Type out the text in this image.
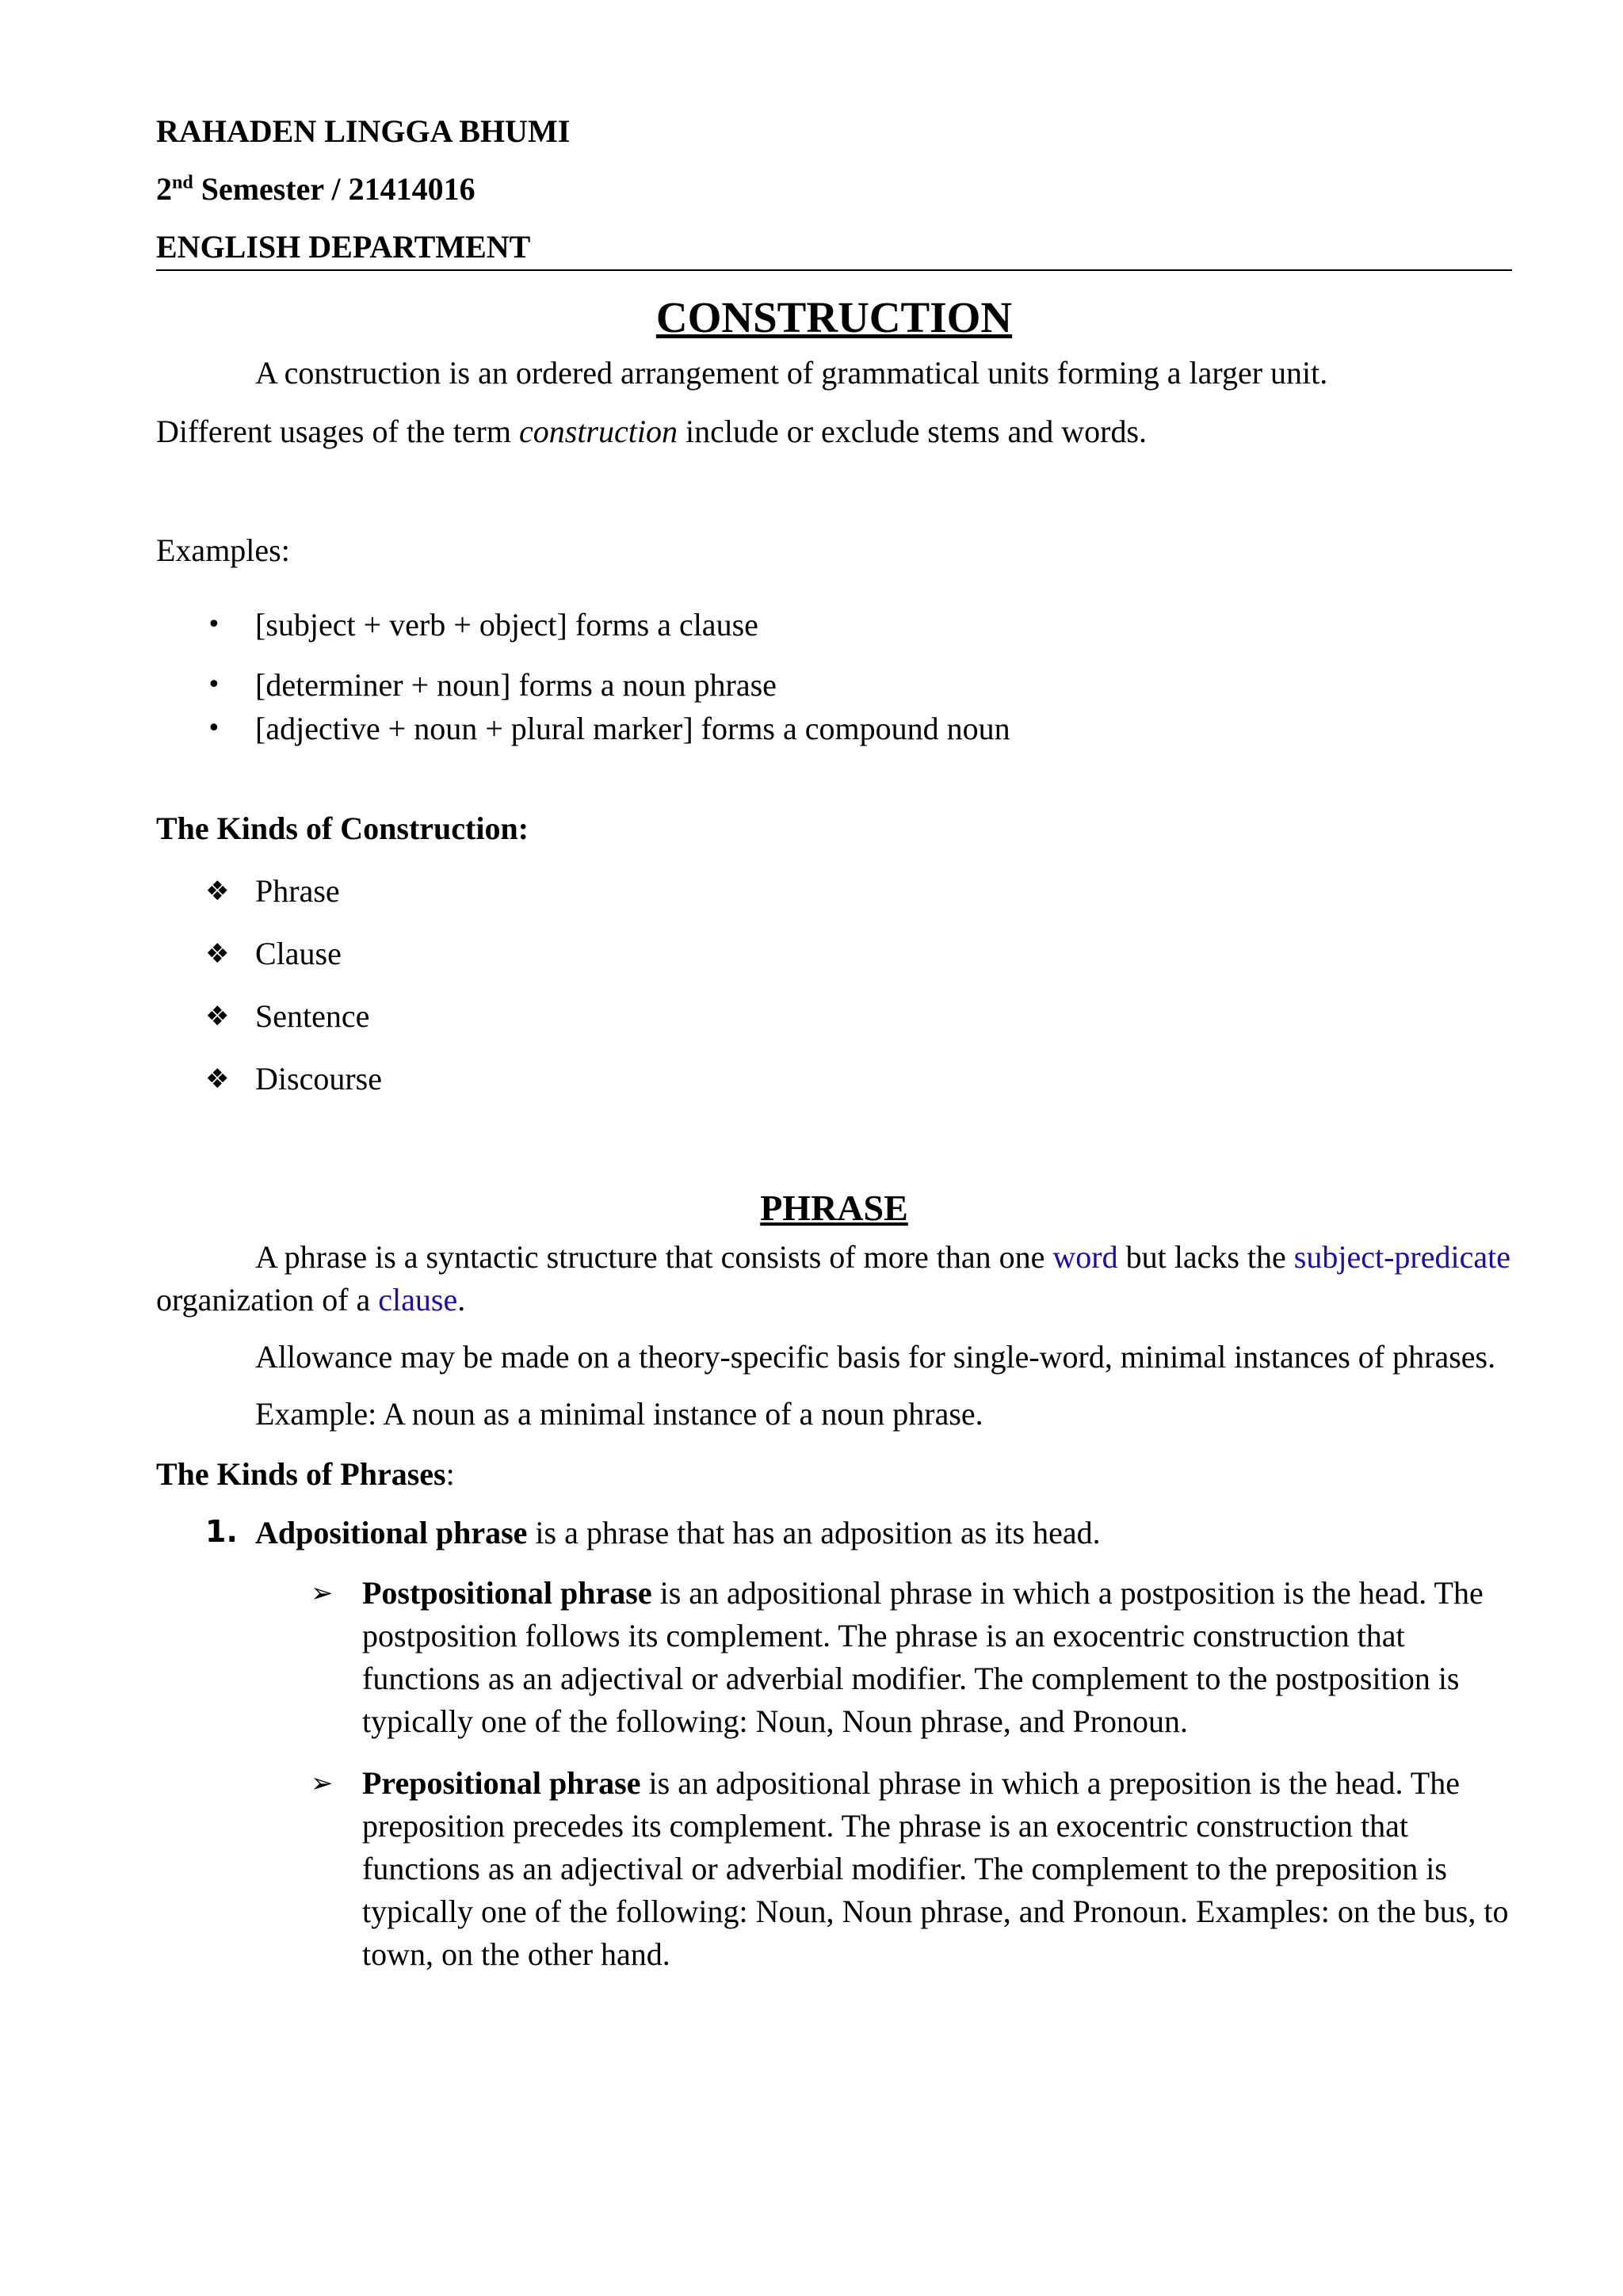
RAHADEN LINGGA BHUMI

2nd Semester / 21414016

ENGLISH DEPARTMENT

CONSTRUCTION

A construction is an ordered arrangement of grammatical units forming a larger unit.

Different usages of the term construction include or exclude stems and words.

Examples:

• [subject + verb + object] forms a clause
• [determiner + noun] forms a noun phrase
• [adjective + noun + plural marker] forms a compound noun

The Kinds of Construction:

❖ Phrase
❖ Clause
❖ Sentence
❖ Discourse
PHRASE

A phrase is a syntactic structure that consists of more than one word but lacks the subject-predicate organization of a clause.

Allowance may be made on a theory-specific basis for single-word, minimal instances of phrases.

Example: A noun as a minimal instance of a noun phrase.

The Kinds of Phrases:

1. Adpositional phrase is a phrase that has an adposition as its head.
➢ Postpositional phrase is an adpositional phrase in which a postposition is the head. The postposition follows its complement. The phrase is an exocentric construction that functions as an adjectival or adverbial modifier. The complement to the postposition is typically one of the following: Noun, Noun phrase, and Pronoun.
➢ Prepositional phrase is an adpositional phrase in which a preposition is the head. The preposition precedes its complement. The phrase is an exocentric construction that functions as an adjectival or adverbial modifier. The complement to the preposition is typically one of the following: Noun, Noun phrase, and Pronoun. Examples: on the bus, to town, on the other hand.
